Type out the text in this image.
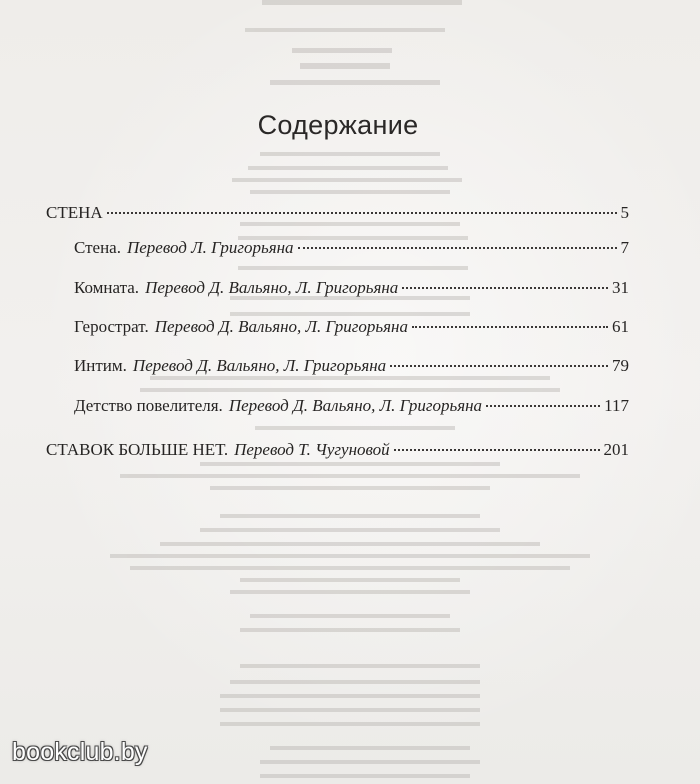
Содержание
СТЕНА	5
Стена. Перевод Л. Григорьяна	7
Комната. Перевод Д. Вальяно, Л. Григорьяна	31
Герострат. Перевод Д. Вальяно, Л. Григорьяна	61
Интим. Перевод Д. Вальяно, Л. Григорьяна	79
Детство повелителя. Перевод Д. Вальяно, Л. Григорьяна	117
СТАВОК БОЛЬШЕ НЕТ. Перевод Т. Чугуновой	201
bookclub.by
